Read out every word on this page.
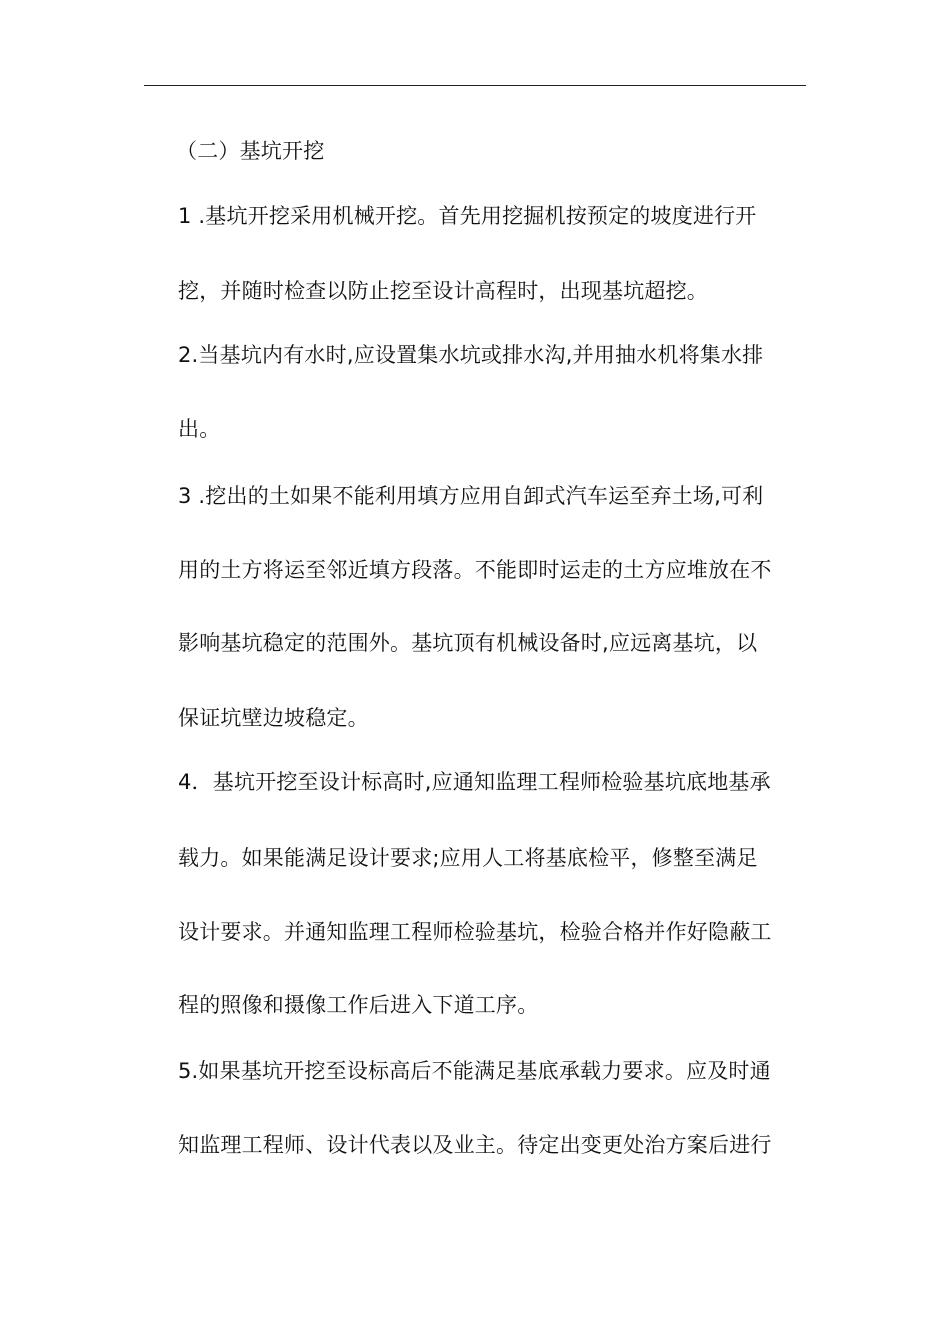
（二）基坑开挖
1 .基坑开挖采用机械开挖。首先用挖掘机按预定的坡度进行开
挖，并随时检查以防止挖至设计高程时，出现基坑超挖。
2.当基坑内有水时,应设置集水坑或排水沟,并用抽水机将集水排
出。
3 .挖出的土如果不能利用填方应用自卸式汽车运至弃土场,可利
用的土方将运至邻近填方段落。不能即时运走的土方应堆放在不
影响基坑稳定的范围外。基坑顶有机械设备时,应远离基坑，以
保证坑壁边坡稳定。
4．基坑开挖至设计标高时,应通知监理工程师检验基坑底地基承
载力。如果能满足设计要求;应用人工将基底检平，修整至满足
设计要求。并通知监理工程师检验基坑，检验合格并作好隐蔽工
程的照像和摄像工作后进入下道工序。
5.如果基坑开挖至设标高后不能满足基底承载力要求。应及时通
知监理工程师、设计代表以及业主。待定出变更处治方案后进行
